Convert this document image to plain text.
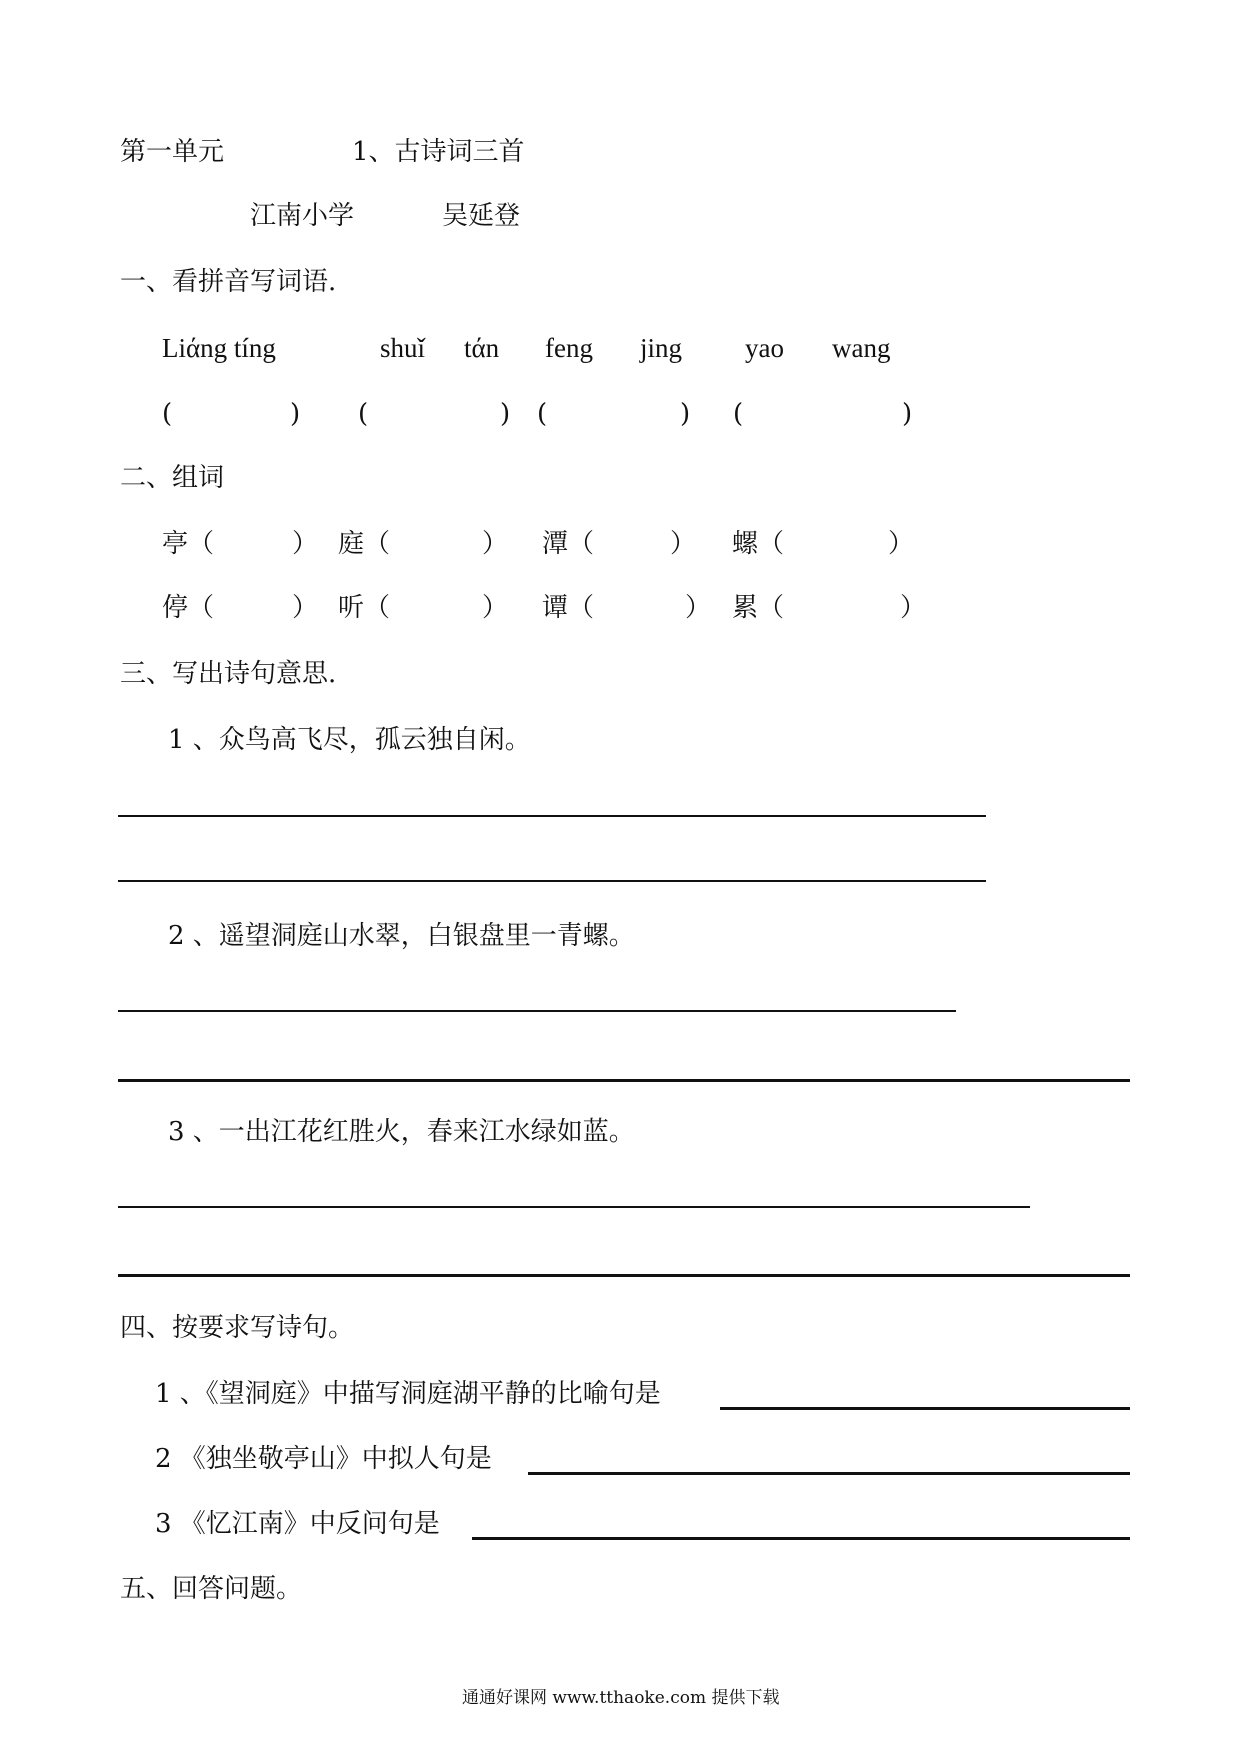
第一单元	1、古诗词三首
江南小学	吴延登
一、看拼音写词语.
Liάng tíng	shuǐ tάn feng jing yao wang
(	) (	) (	) (	)
二、组词
亭（	） 庭（	） 潭（	） 螺（	）
停（	） 听（	） 谭（	） 累（	）
三、写出诗句意思.
1 、众鸟高飞尽，孤云独自闲。
2 、遥望洞庭山水翠，白银盘里一青螺。
3 、一出江花红胜火，春来江水绿如蓝。
四、按要求写诗句。
1 、《望洞庭》中描写洞庭湖平静的比喻句是
2 《独坐敬亭山》中拟人句是
3 《忆江南》中反问句是
五、回答问题。
通通好课网 www.tthaoke.com 提供下载
